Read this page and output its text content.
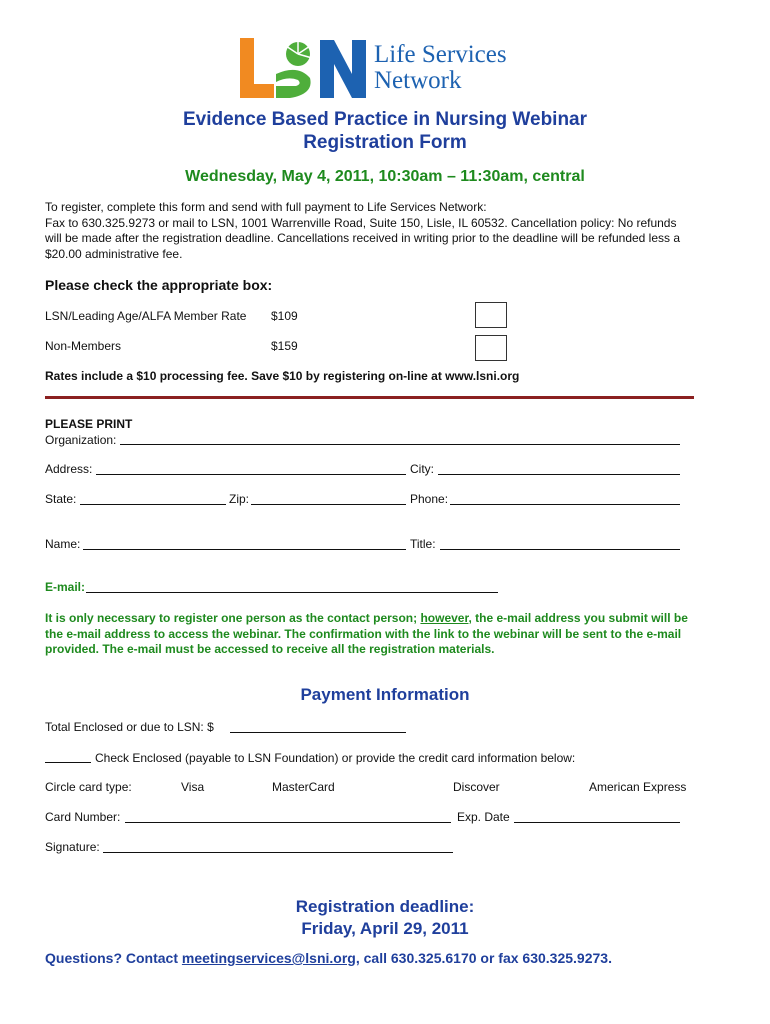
Life Services
Network
Evidence Based Practice in Nursing Webinar
Registration Form
Wednesday, May 4, 2011, 10:30am – 11:30am, central
To register, complete this form and send with full payment to Life Services Network:
Fax to 630.325.9273 or mail to LSN, 1001 Warrenville Road, Suite 150, Lisle, IL 60532. Cancellation policy: No refunds
will be made after the registration deadline. Cancellations received in writing prior to the deadline will be refunded less a
$20.00 administrative fee.
Please check the appropriate box:
LSN/Leading Age/ALFA Member Rate $109
Non-Members	$159
Rates include a $10 processing fee. Save $10 by registering on-line at www.lsni.org
PLEASE PRINT
Organization:
Address:	City:
State:	Zip:	Phone:
Name:	Title:
E-mail:
It is only necessary to register one person as the contact person; however, the e-mail address you submit will be
the e-mail address to access the webinar. The confirmation with the link to the webinar will be sent to the e-mail
provided. The e-mail must be accessed to receive all the registration materials.
Payment Information
Total Enclosed or due to LSN: $
Check Enclosed (payable to LSN Foundation) or provide the credit card information below:
Circle card type:	Visa	MasterCard	Discover	American Express
Card Number:	Exp. Date
Signature:
Registration deadline:
Friday, April 29, 2011
Questions? Contact meetingservices@lsni.org, call 630.325.6170 or fax 630.325.9273.
